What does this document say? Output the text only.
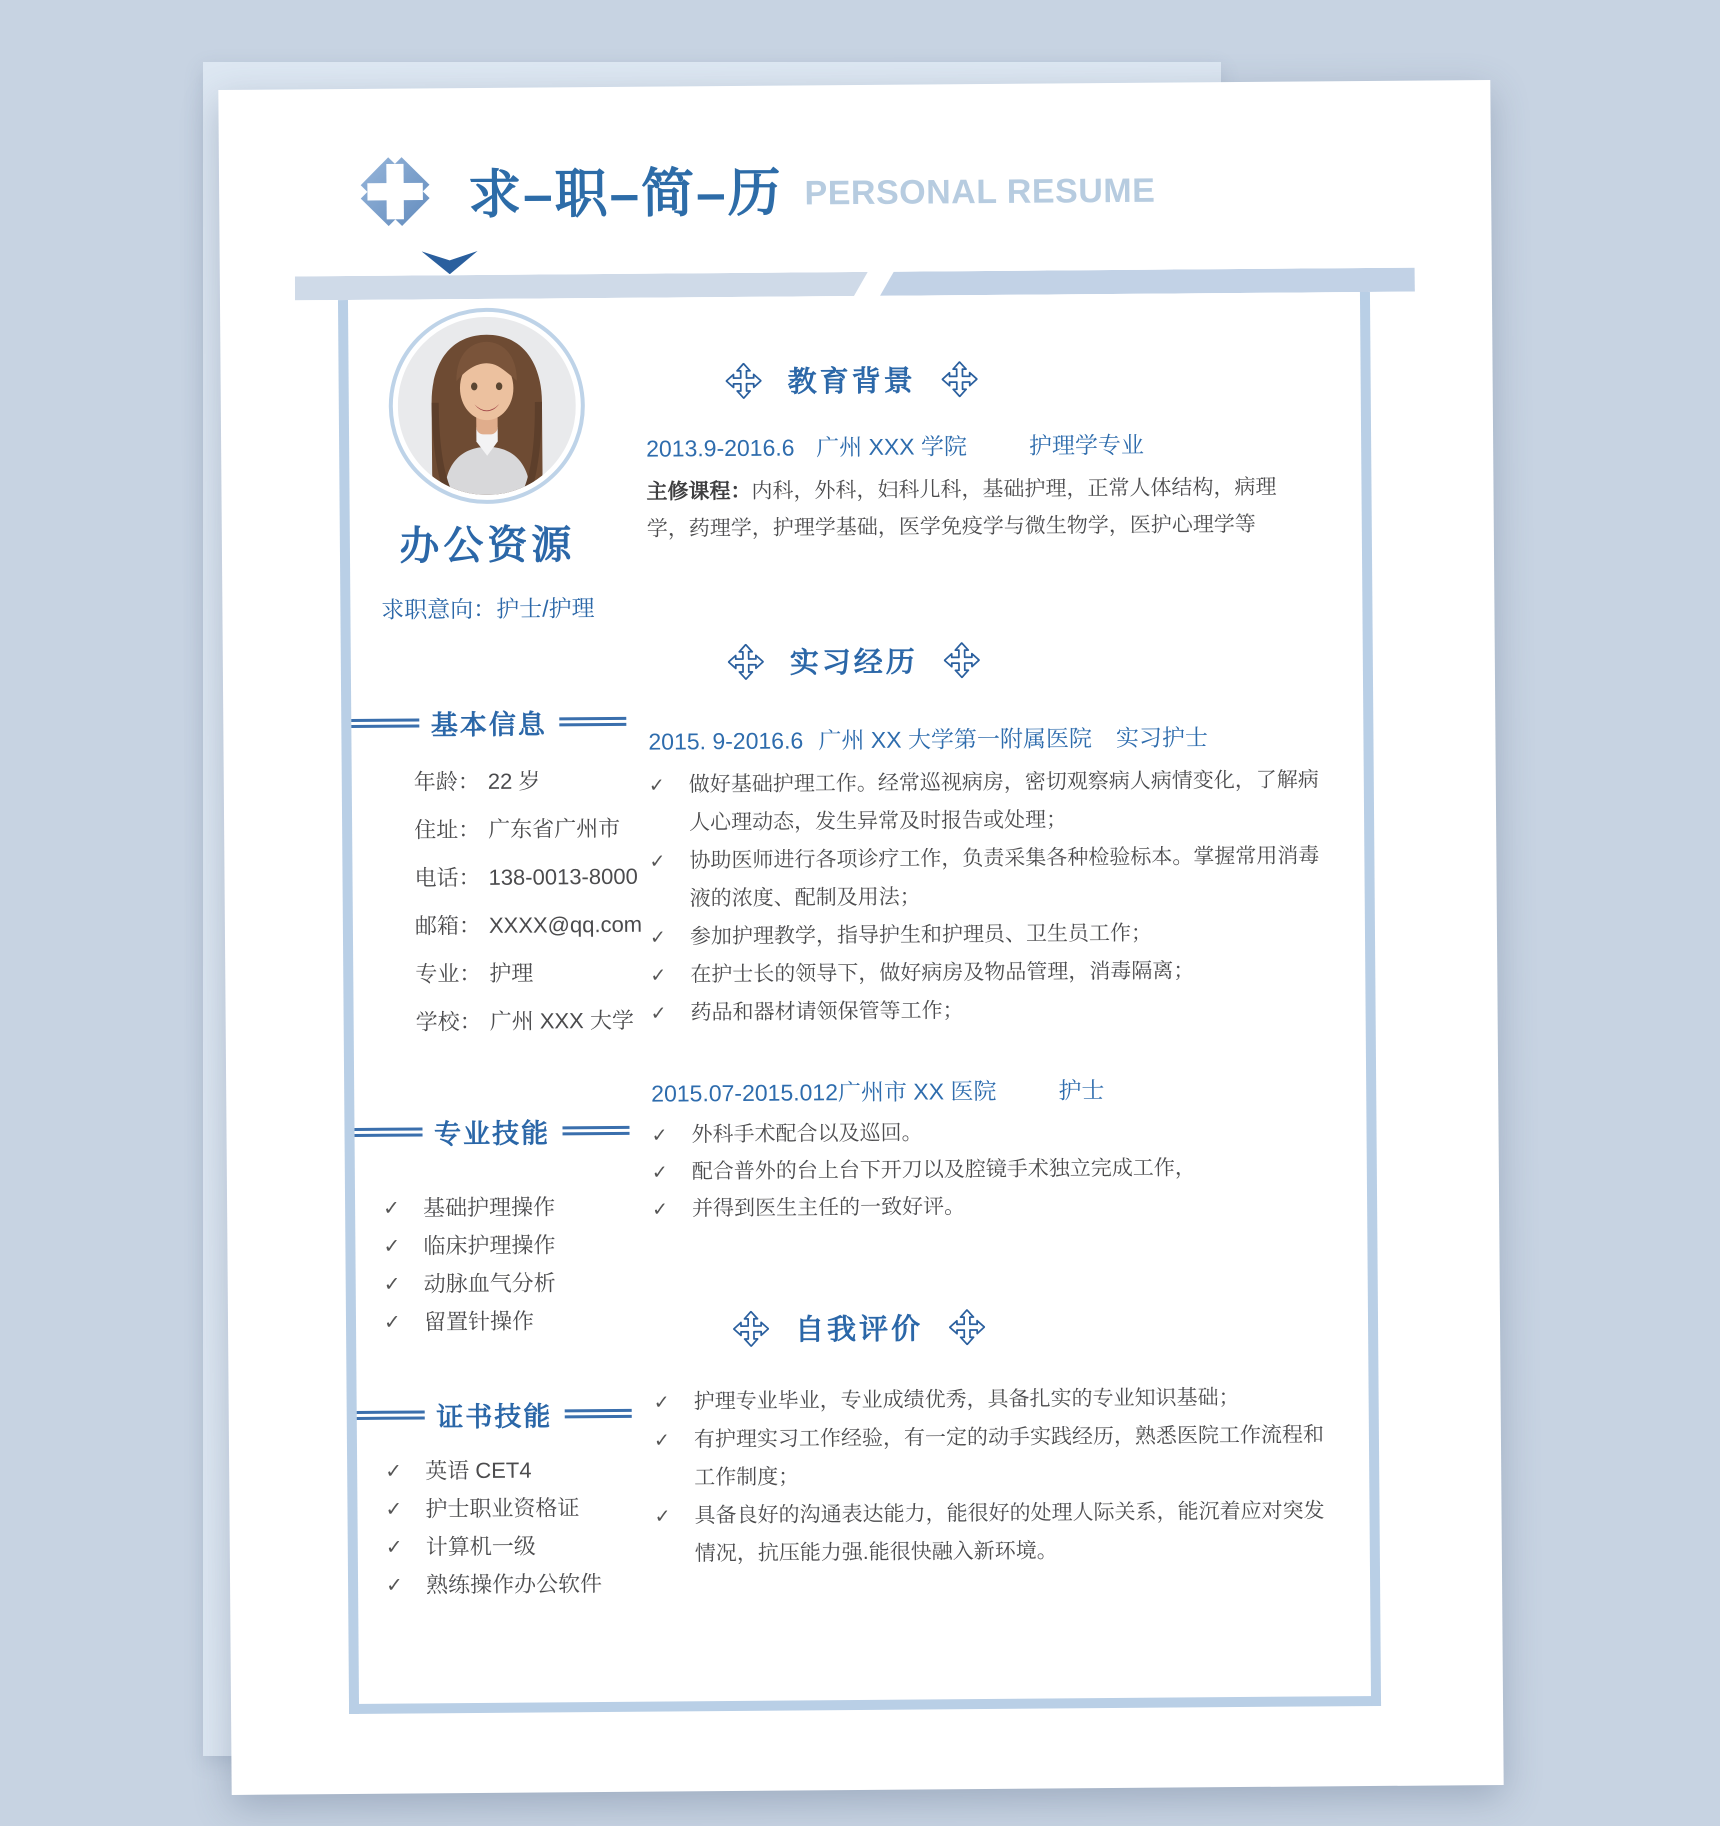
求–职–简–历 PERSONAL RESUME
办公资源
求职意向：护士/护理
基本信息
年龄： 22 岁
住址： 广东省广州市
电话： 138-0013-8000
邮箱： XXXX@qq.com
专业： 护理
学校： 广州 XXX 大学
专业技能
✓ 基础护理操作
✓ 临床护理操作
✓ 动脉血气分析
✓ 留置针操作
证书技能
✓ 英语 CET4
✓ 护士职业资格证
✓ 计算机一级
✓ 熟练操作办公软件
教育背景
2013.9-2016.6 广州 XXX 学院	护理学专业
主修课程：内科，外科，妇科儿科，基础护理，正常人体结构，病理学，药理学，护理学基础，医学免疫学与微生物学，医护心理学等
实习经历
2015. 9-2016.6 广州 XX 大学第一附属医院 实习护士
✓ 做好基础护理工作。经常巡视病房，密切观察病人病情变化，了解病人心理动态，发生异常及时报告或处理；
✓ 协助医师进行各项诊疗工作，负责采集各种检验标本。掌握常用消毒液的浓度、配制及用法；
✓ 参加护理教学，指导护生和护理员、卫生员工作；
✓ 在护士长的领导下，做好病房及物品管理，消毒隔离；
✓ 药品和器材请领保管等工作；
2015.07-2015.012 广州市 XX 医院	护士
✓ 外科手术配合以及巡回。
✓ 配合普外的台上台下开刀以及腔镜手术独立完成工作，
✓ 并得到医生主任的一致好评。
自我评价
✓ 护理专业毕业，专业成绩优秀，具备扎实的专业知识基础；
✓ 有护理实习工作经验，有一定的动手实践经历，熟悉医院工作流程和工作制度；
✓ 具备良好的沟通表达能力，能很好的处理人际关系，能沉着应对突发情况，抗压能力强.能很快融入新环境。
